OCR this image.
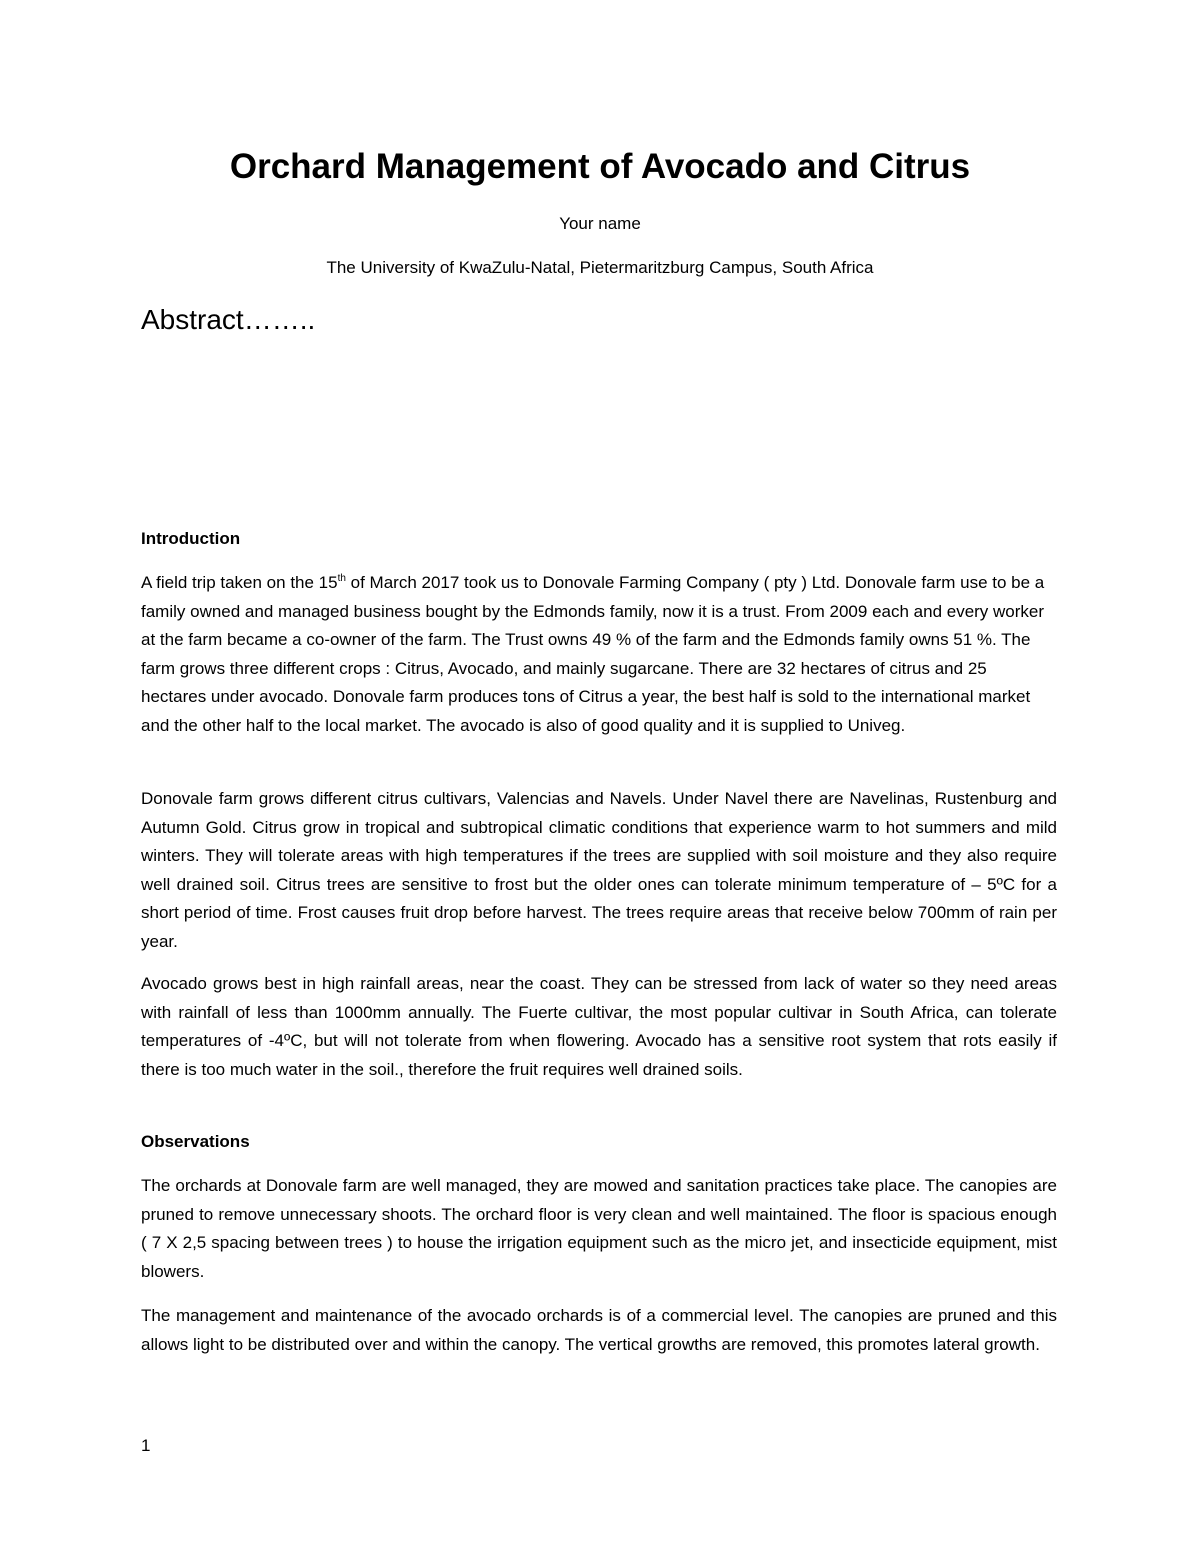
Orchard Management of Avocado and Citrus

Your name

The University of KwaZulu-Natal, Pietermaritzburg Campus, South Africa

Abstract……..
Introduction

A field trip taken on the 15th of March 2017 took us to Donovale Farming Company ( pty ) Ltd. Donovale farm use to be a family owned and managed business bought by the Edmonds family, now it is a trust. From 2009 each and every worker at the farm became a co-owner of the farm. The Trust owns 49 % of the farm and the Edmonds family owns 51 %. The farm grows three different crops : Citrus, Avocado, and mainly sugarcane. There are 32 hectares of citrus and 25 hectares under avocado. Donovale farm produces tons of Citrus a year, the best half is sold to the international market and the other half to the local market. The avocado is also of good quality and it is supplied to Univeg.

Donovale farm grows different citrus cultivars, Valencias and Navels. Under Navel there are Navelinas, Rustenburg and Autumn Gold. Citrus grow in tropical and subtropical climatic conditions that experience warm to hot summers and mild winters. They will tolerate areas with high temperatures if the trees are supplied with soil moisture and they also require well drained soil. Citrus trees are sensitive to frost but the older ones can tolerate minimum temperature of – 5ºC for a short period of time. Frost causes fruit drop before harvest. The trees require areas that receive below 700mm of rain per year.

Avocado grows best in high rainfall areas, near the coast. They can be stressed from lack of water so they need areas with rainfall of less than 1000mm annually. The Fuerte cultivar, the most popular cultivar in South Africa, can tolerate temperatures of -4ºC, but will not tolerate from when flowering. Avocado has a sensitive root system that rots easily if there is too much water in the soil., therefore the fruit requires well drained soils.

Observations

The orchards at Donovale farm are well managed, they are mowed and sanitation practices take place. The canopies are pruned to remove unnecessary shoots. The orchard floor is very clean and well maintained. The floor is spacious enough ( 7 X 2,5 spacing between trees ) to house the irrigation equipment such as the micro jet, and insecticide equipment, mist blowers.

The management and maintenance of the avocado orchards is of a commercial level. The canopies are pruned and this allows light to be distributed over and within the canopy. The vertical growths are removed, this promotes lateral growth.

1
